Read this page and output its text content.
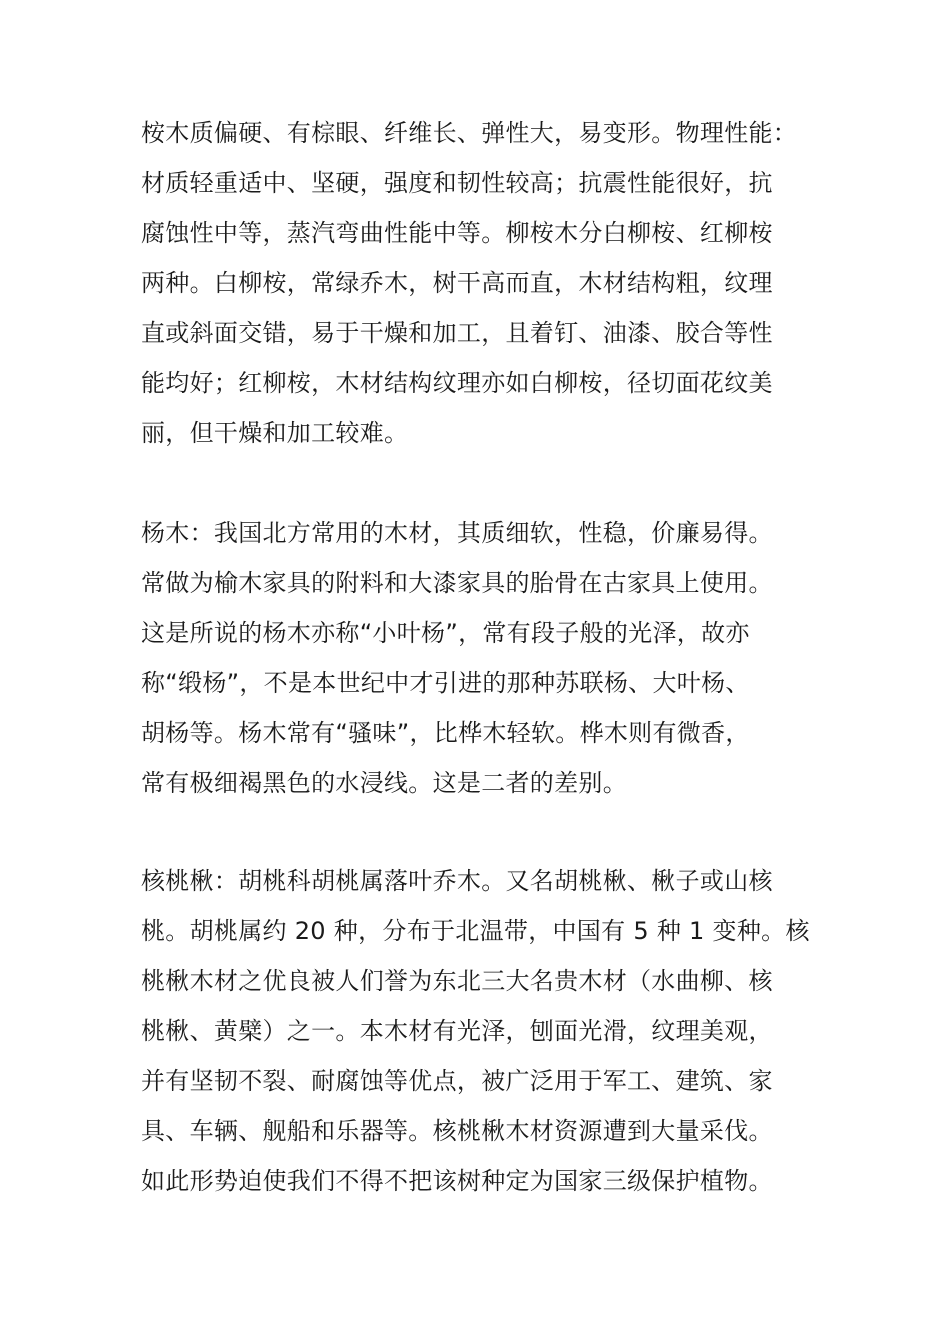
桉木质偏硬、有棕眼、纤维长、弹性大，易变形。物理性能：
材质轻重适中、坚硬，强度和韧性较高；抗震性能很好，抗
腐蚀性中等，蒸汽弯曲性能中等。柳桉木分白柳桉、红柳桉
两种。白柳桉，常绿乔木，树干高而直，木材结构粗，纹理
直或斜面交错，易于干燥和加工，且着钉、油漆、胶合等性
能均好；红柳桉，木材结构纹理亦如白柳桉，径切面花纹美
丽，但干燥和加工较难。
杨木：我国北方常用的木材，其质细软，性稳，价廉易得。
常做为榆木家具的附料和大漆家具的胎骨在古家具上使用。
这是所说的杨木亦称“小叶杨”，常有段子般的光泽，故亦
称“缎杨”，不是本世纪中才引进的那种苏联杨、大叶杨、
胡杨等。杨木常有“骚味”，比桦木轻软。桦木则有微香，
常有极细褐黑色的水浸线。这是二者的差别。
核桃楸：胡桃科胡桃属落叶乔木。又名胡桃楸、楸子或山核
桃。胡桃属约 20 种，分布于北温带，中国有 5 种 1 变种。核
桃楸木材之优良被人们誉为东北三大名贵木材（水曲柳、核
桃楸、黄檗）之一。本木材有光泽，刨面光滑，纹理美观，
并有坚韧不裂、耐腐蚀等优点，被广泛用于军工、建筑、家
具、车辆、舰船和乐器等。核桃楸木材资源遭到大量采伐。
如此形势迫使我们不得不把该树种定为国家三级保护植物。
